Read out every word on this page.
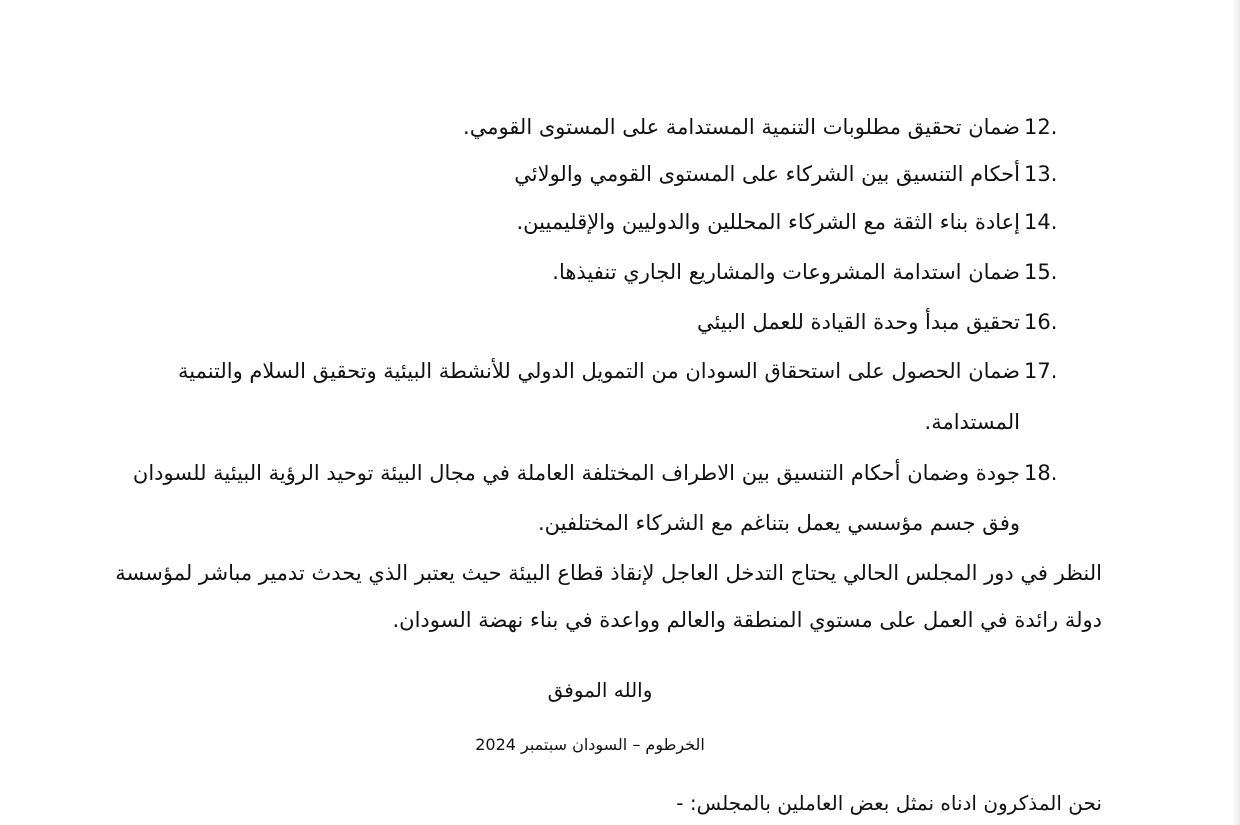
12.
ضمان تحقيق مطلوبات التنمية المستدامة على المستوى القومي.
13.
أحكام التنسيق بين الشركاء على المستوى القومي والولائي
14.
إعادة بناء الثقة مع الشركاء المحللين والدوليين والإقليميين.
15.
ضمان استدامة المشروعات والمشاريع الجاري تنفيذها.
16.
تحقيق مبدأ وحدة القيادة للعمل البيئي
17.
ضمان الحصول على استحقاق السودان من التمويل الدولي للأنشطة البيئية وتحقيق السلام والتنمية
المستدامة.
18.
جودة وضمان أحكام التنسيق بين الاطراف المختلفة العاملة في مجال البيئة توحيد الرؤية البيئية للسودان
وفق جسم مؤسسي يعمل بتناغم مع الشركاء المختلفين.
النظر في دور المجلس الحالي يحتاج التدخل العاجل لإنقاذ قطاع البيئة حيث يعتبر الذي يحدث تدمير مباشر لمؤسسة
دولة رائدة في العمل على مستوي المنطقة والعالم وواعدة في بناء نهضة السودان.
والله الموفق
الخرطوم – السودان سبتمبر 2024
نحن المذكرون ادناه نمثل بعض العاملين بالمجلس: -
